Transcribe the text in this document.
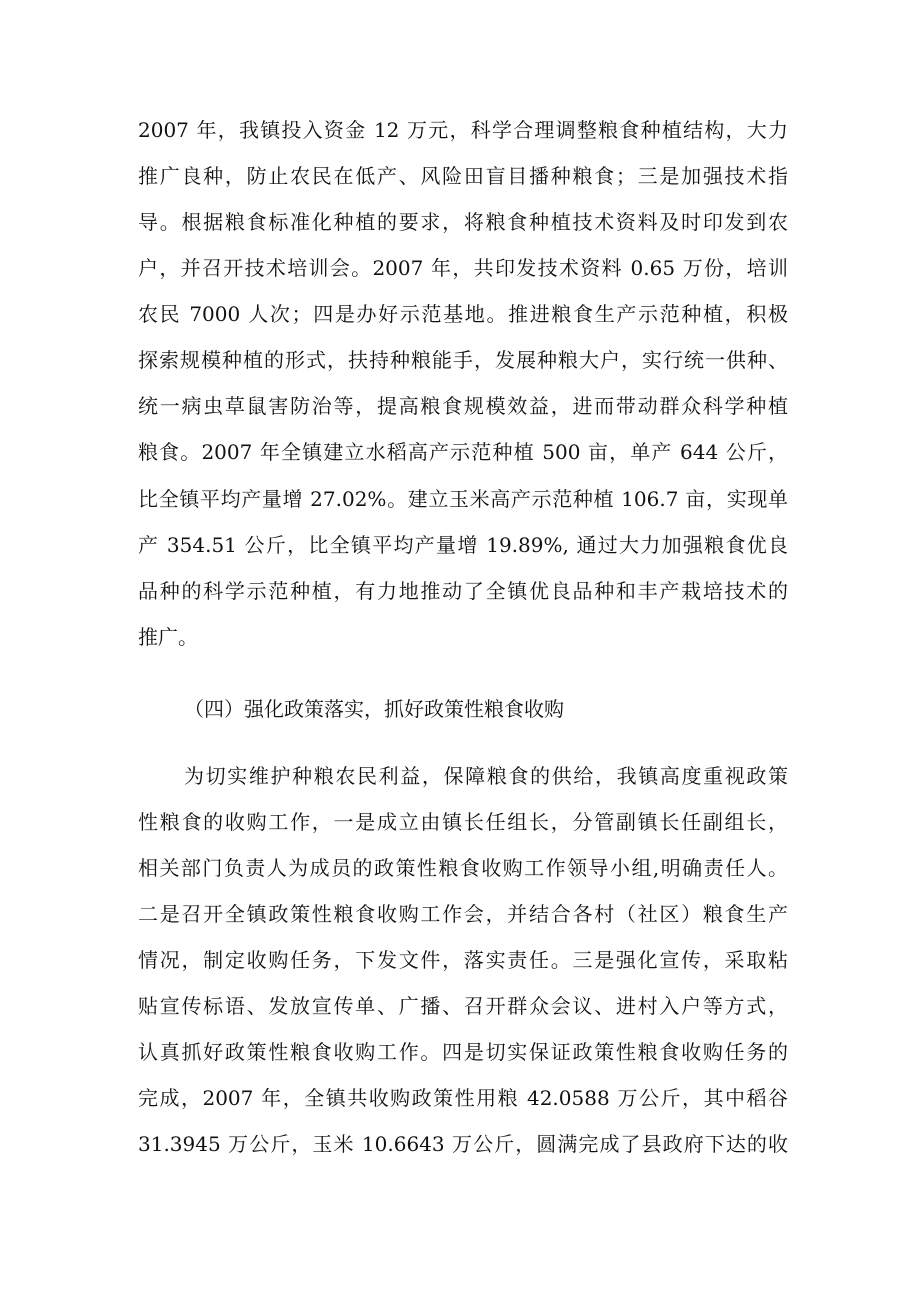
2007 年，我镇投入资金 12 万元，科学合理调整粮食种植结构，大力
推广良种，防止农民在低产、风险田盲目播种粮食；三是加强技术指
导。根据粮食标准化种植的要求，将粮食种植技术资料及时印发到农
户，并召开技术培训会。2007 年，共印发技术资料 0.65 万份，培训
农民 7000 人次；四是办好示范基地。推进粮食生产示范种植，积极
探索规模种植的形式，扶持种粮能手，发展种粮大户，实行统一供种、
统一病虫草鼠害防治等，提高粮食规模效益，进而带动群众科学种植
粮食。2007 年全镇建立水稻高产示范种植 500 亩，单产 644 公斤，
比全镇平均产量增 27.02%。建立玉米高产示范种植 106.7 亩，实现单
产 354.51 公斤，比全镇平均产量增 19.89%, 通过大力加强粮食优良
品种的科学示范种植，有力地推动了全镇优良品种和丰产栽培技术的
推广。
（四）强化政策落实，抓好政策性粮食收购
为切实维护种粮农民利益，保障粮食的供给，我镇高度重视政策
性粮食的收购工作，一是成立由镇长任组长，分管副镇长任副组长，
相关部门负责人为成员的政策性粮食收购工作领导小组,明确责任人。
二是召开全镇政策性粮食收购工作会，并结合各村（社区）粮食生产
情况，制定收购任务，下发文件，落实责任。三是强化宣传，采取粘
贴宣传标语、发放宣传单、广播、召开群众会议、进村入户等方式，
认真抓好政策性粮食收购工作。四是切实保证政策性粮食收购任务的
完成，2007 年，全镇共收购政策性用粮 42.0588 万公斤，其中稻谷
31.3945 万公斤，玉米 10.6643 万公斤，圆满完成了县政府下达的收
